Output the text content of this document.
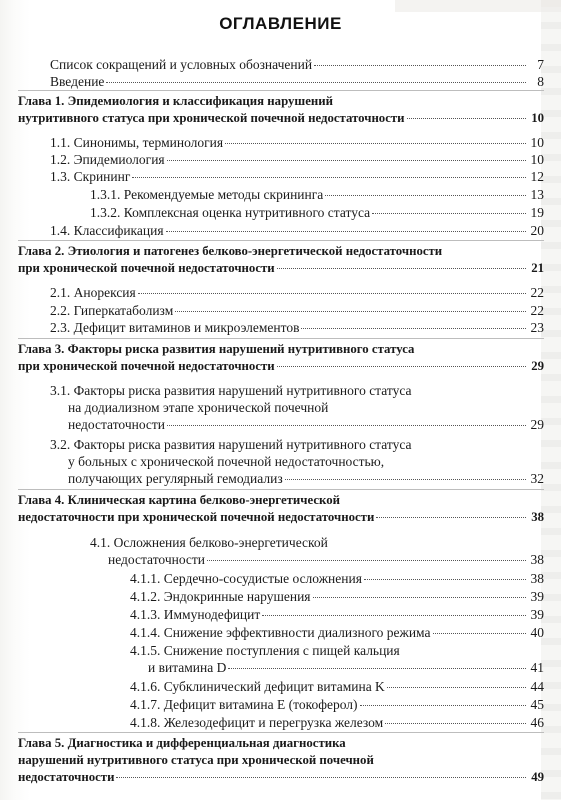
ОГЛАВЛЕНИЕ
Список сокращений и условных обозначений	7
Введение	8
Глава 1. Эпидемиология и классификация нарушений
нутритивного статуса при хронической почечной недостаточности	10
1.1. Синонимы, терминология	10
1.2. Эпидемиология	10
1.3. Скрининг	12
1.3.1. Рекомендуемые методы скрининга	13
1.3.2. Комплексная оценка нутритивного статуса	19
1.4. Классификация	20
Глава 2. Этиология и патогенез белково-энергетической недостаточности
при хронической почечной недостаточности	21
2.1. Анорексия	22
2.2. Гиперкатаболизм	22
2.3. Дефицит витаминов и микроэлементов	23
Глава 3. Факторы риска развития нарушений нутритивного статуса
при хронической почечной недостаточности	29
3.1. Факторы риска развития нарушений нутритивного статуса
на додиализном этапе хронической почечной
недостаточности	29
3.2. Факторы риска развития нарушений нутритивного статуса
у больных с хронической почечной недостаточностью,
получающих регулярный гемодиализ	32
Глава 4. Клиническая картина белково-энергетической
недостаточности при хронической почечной недостаточности	38
4.1. Осложнения белково-энергетической
недостаточности	38
4.1.1. Сердечно-сосудистые осложнения	38
4.1.2. Эндокринные нарушения	39
4.1.3. Иммунодефицит	39
4.1.4. Снижение эффективности диализного режима	40
4.1.5. Снижение поступления с пищей кальция
и витамина D	41
4.1.6. Субклинический дефицит витамина K	44
4.1.7. Дефицит витамина E (токоферол)	45
4.1.8. Железодефицит и перегрузка железом	46
Глава 5. Диагностика и дифференциальная диагностика
нарушений нутритивного статуса при хронической почечной
недостаточности	49
